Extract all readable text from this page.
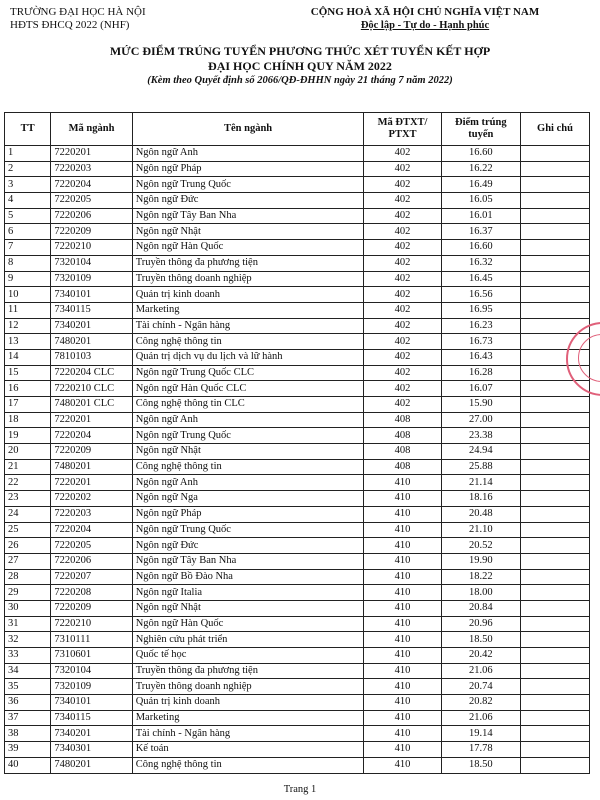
TRƯỜNG ĐẠI HỌC HÀ NỘI
HĐTS ĐHCQ 2022 (NHF)
CỘNG HOÀ XÃ HỘI CHỦ NGHĨA VIỆT NAM
Độc lập - Tự do - Hạnh phúc
MỨC ĐIỂM TRÚNG TUYỂN PHƯƠNG THỨC XÉT TUYỂN KẾT HỢP
ĐẠI HỌC CHÍNH QUY NĂM 2022
(Kèm theo Quyết định số 2066/QĐ-ĐHHN ngày 21 tháng 7 năm 2022)
TT	Mã ngành	Tên ngành	Mã ĐTXT/ PTXT	Điểm trúng tuyển	Ghi chú
1	7220201	Ngôn ngữ Anh	402	16.60	
2	7220203	Ngôn ngữ Pháp	402	16.22	
3	7220204	Ngôn ngữ Trung Quốc	402	16.49	
4	7220205	Ngôn ngữ Đức	402	16.05	
5	7220206	Ngôn ngữ Tây Ban Nha	402	16.01	
6	7220209	Ngôn ngữ Nhật	402	16.37	
7	7220210	Ngôn ngữ Hàn Quốc	402	16.60	
8	7320104	Truyền thông đa phương tiện	402	16.32	
9	7320109	Truyền thông doanh nghiệp	402	16.45	
10	7340101	Quản trị kinh doanh	402	16.56	
11	7340115	Marketing	402	16.95	
12	7340201	Tài chính - Ngân hàng	402	16.23	
13	7480201	Công nghệ thông tin	402	16.73	
14	7810103	Quản trị dịch vụ du lịch và lữ hành	402	16.43	
15	7220204 CLC	Ngôn ngữ Trung Quốc CLC	402	16.28	
16	7220210 CLC	Ngôn ngữ Hàn Quốc CLC	402	16.07	
17	7480201 CLC	Công nghệ thông tin CLC	402	15.90	
18	7220201	Ngôn ngữ Anh	408	27.00	
19	7220204	Ngôn ngữ Trung Quốc	408	23.38	
20	7220209	Ngôn ngữ Nhật	408	24.94	
21	7480201	Công nghệ thông tin	408	25.88	
22	7220201	Ngôn ngữ Anh	410	21.14	
23	7220202	Ngôn ngữ Nga	410	18.16	
24	7220203	Ngôn ngữ Pháp	410	20.48	
25	7220204	Ngôn ngữ Trung Quốc	410	21.10	
26	7220205	Ngôn ngữ Đức	410	20.52	
27	7220206	Ngôn ngữ Tây Ban Nha	410	19.90	
28	7220207	Ngôn ngữ Bồ Đào Nha	410	18.22	
29	7220208	Ngôn ngữ Italia	410	18.00	
30	7220209	Ngôn ngữ Nhật	410	20.84	
31	7220210	Ngôn ngữ Hàn Quốc	410	20.96	
32	7310111	Nghiên cứu phát triển	410	18.50	
33	7310601	Quốc tế học	410	20.42	
34	7320104	Truyền thông đa phương tiện	410	21.06	
35	7320109	Truyền thông doanh nghiệp	410	20.74	
36	7340101	Quản trị kinh doanh	410	20.82	
37	7340115	Marketing	410	21.06	
38	7340201	Tài chính - Ngân hàng	410	19.14	
39	7340301	Kế toán	410	17.78	
40	7480201	Công nghệ thông tin	410	18.50	
Trang 1
